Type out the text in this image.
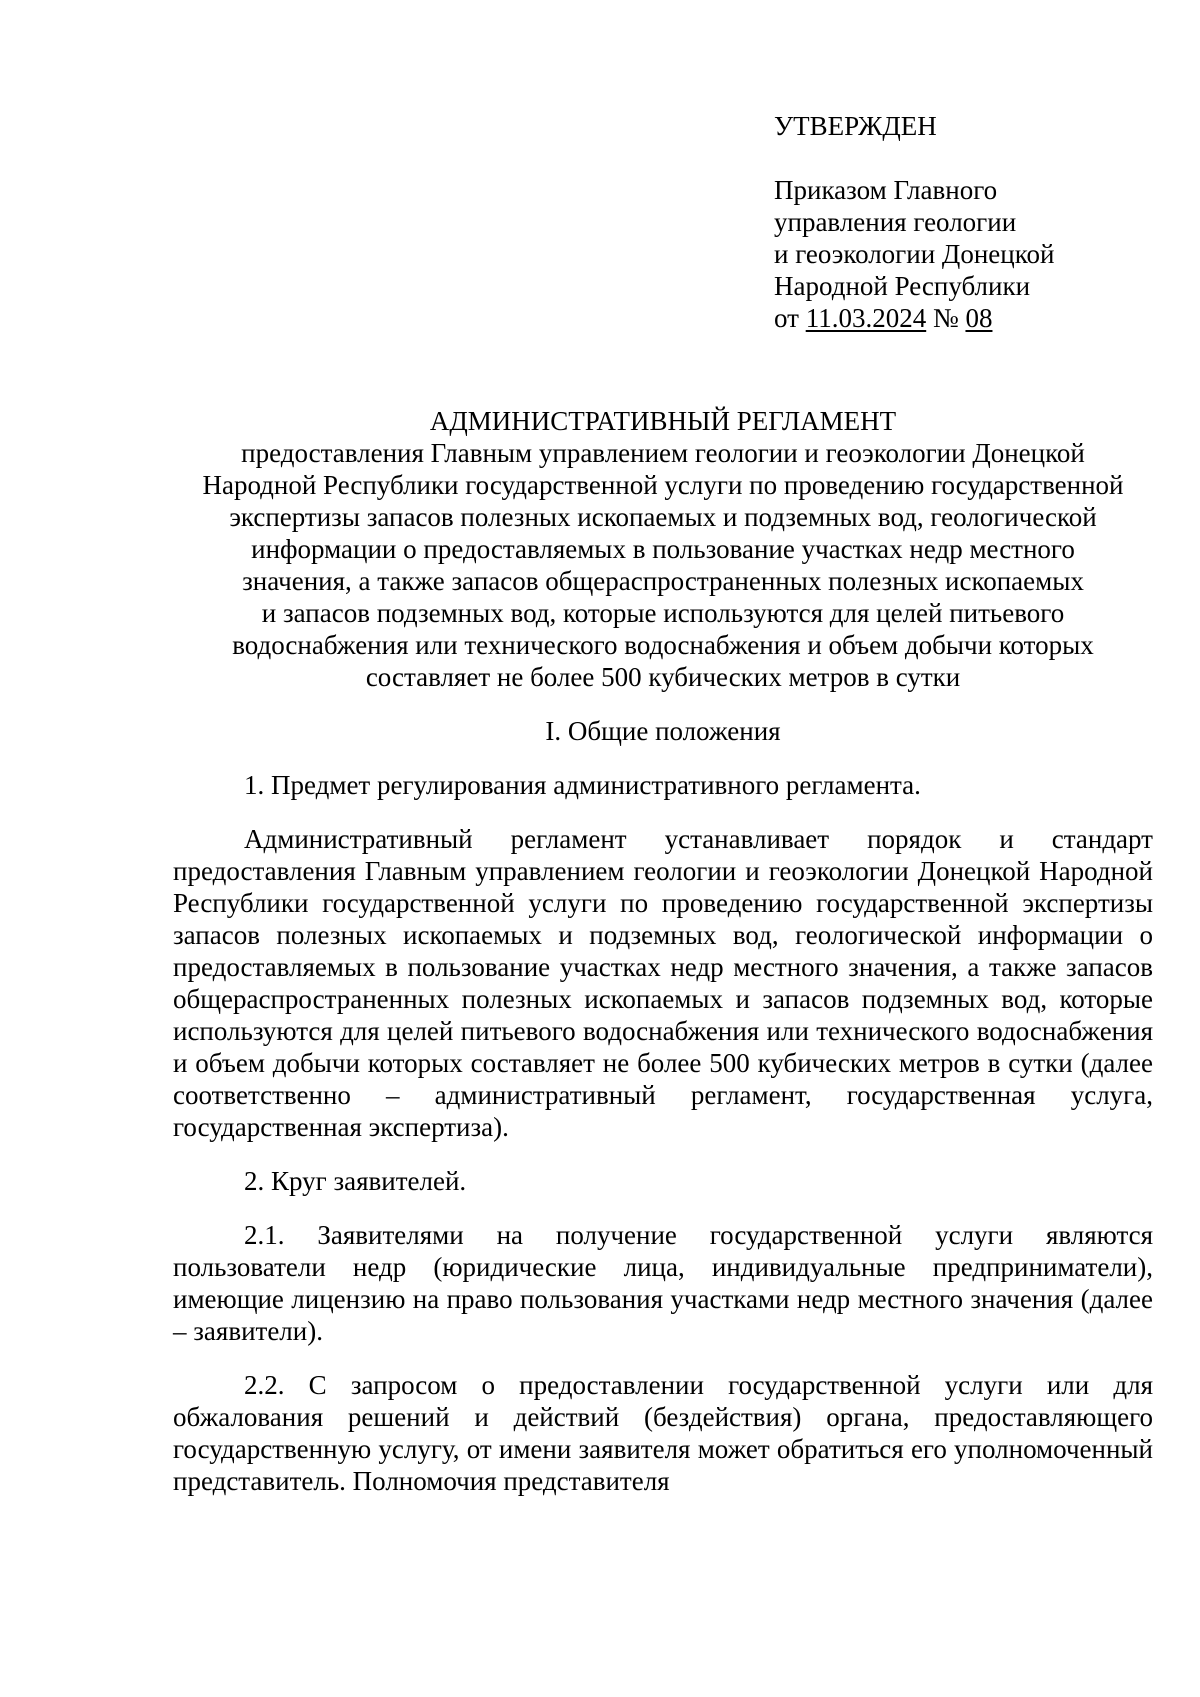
УТВЕРЖДЕН
Приказом Главного
управления геологии
и геоэкологии Донецкой
Народной Республики
от 11.03.2024 № 08
АДМИНИСТРАТИВНЫЙ РЕГЛАМЕНТ
предоставления Главным управлением геологии и геоэкологии Донецкой
Народной Республики государственной услуги по проведению государственной
экспертизы запасов полезных ископаемых и подземных вод, геологической
информации о предоставляемых в пользование участках недр местного
значения, а также запасов общераспространенных полезных ископаемых
и запасов подземных вод, которые используются для целей питьевого
водоснабжения или технического водоснабжения и объем добычи которых
составляет не более 500 кубических метров в сутки
I. Общие положения
1. Предмет регулирования административного регламента.

Административный регламент устанавливает порядок и стандарт предоставления Главным управлением геологии и геоэкологии Донецкой Народной Республики государственной услуги по проведению государственной экспертизы запасов полезных ископаемых и подземных вод, геологической информации о предоставляемых в пользование участках недр местного значения, а также запасов общераспространенных полезных ископаемых и запасов подземных вод, которые используются для целей питьевого водоснабжения или технического водоснабжения и объем добычи которых составляет не более 500 кубических метров в сутки (далее соответственно – административный регламент, государственная услуга, государственная экспертиза).

2. Круг заявителей.

2.1. Заявителями на получение государственной услуги являются пользователи недр (юридические лица, индивидуальные предприниматели), имеющие лицензию на право пользования участками недр местного значения (далее – заявители).

2.2. С запросом о предоставлении государственной услуги или для обжалования решений и действий (бездействия) органа, предоставляющего государственную услугу, от имени заявителя может обратиться его уполномоченный представитель. Полномочия представителя
